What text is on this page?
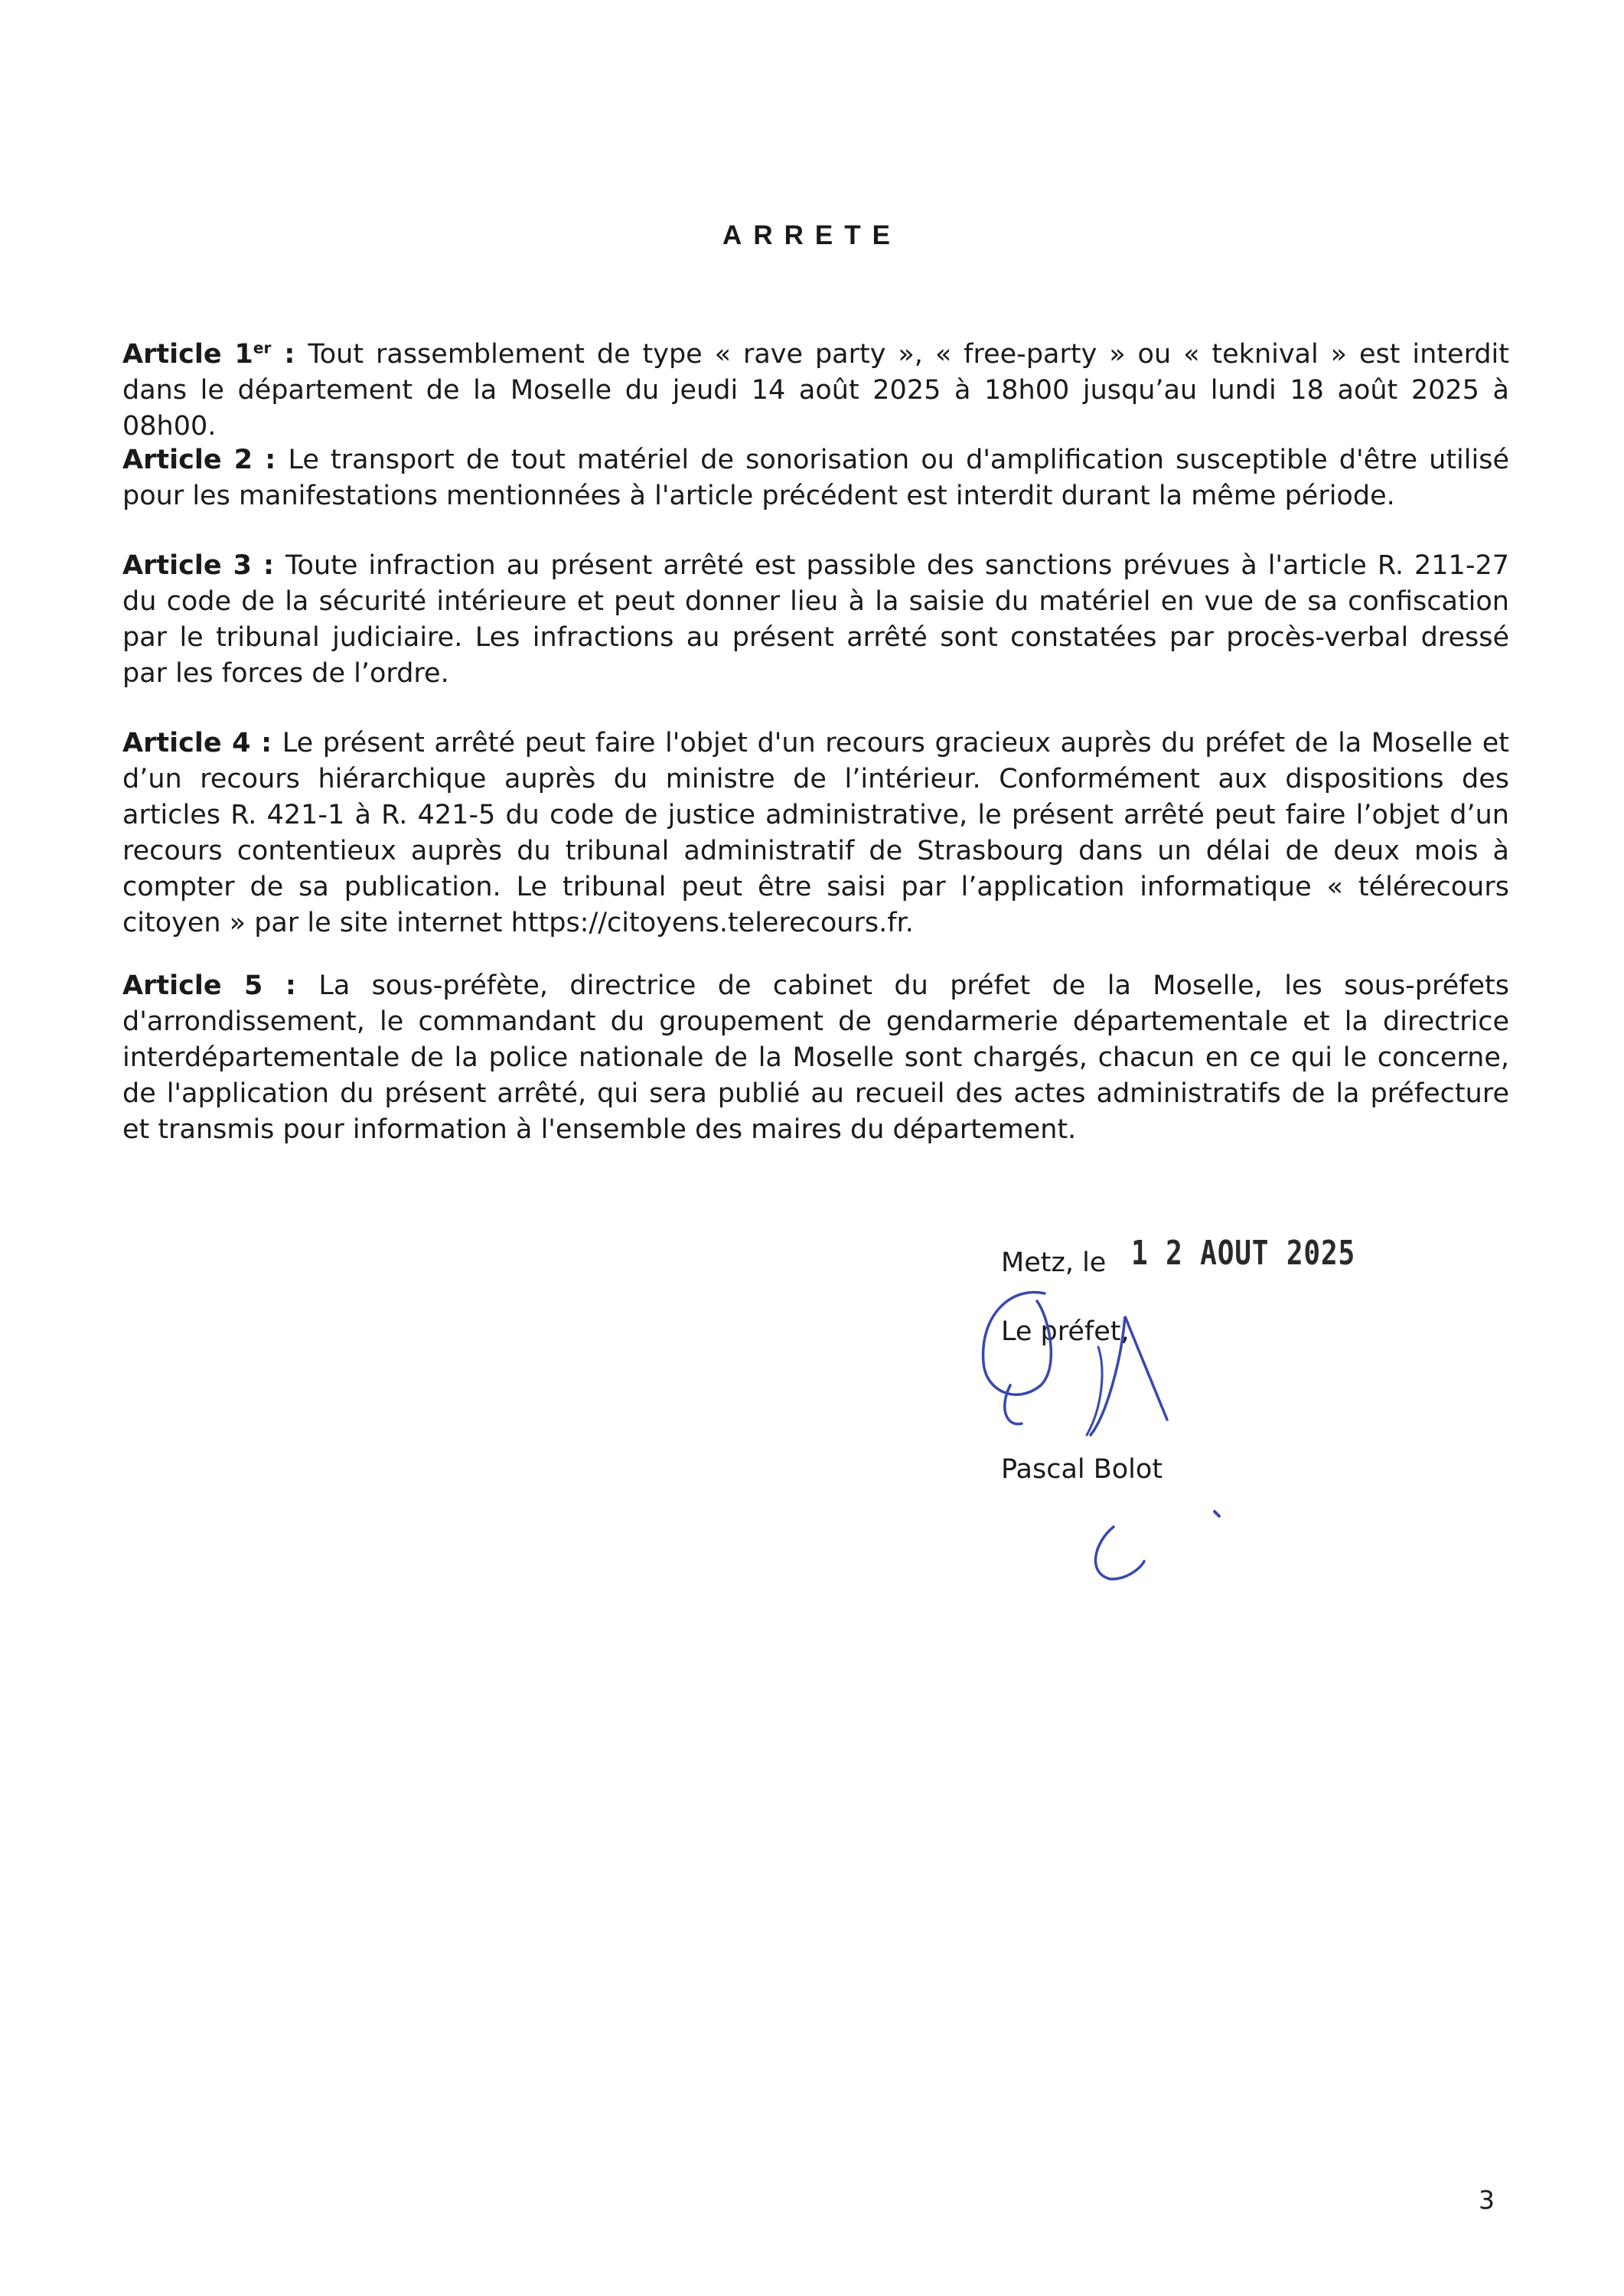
ARRETE

Article 1er : Tout rassemblement de type « rave party », « free-party » ou « teknival » est interdit dans le département de la Moselle du jeudi 14 août 2025 à 18h00 jusqu’au lundi 18 août 2025 à 08h00.

Article 2 : Le transport de tout matériel de sonorisation ou d'amplification susceptible d'être utilisé pour les manifestations mentionnées à l'article précédent est interdit durant la même période.

Article 3 : Toute infraction au présent arrêté est passible des sanctions prévues à l'article R. 211-27 du code de la sécurité intérieure et peut donner lieu à la saisie du matériel en vue de sa confiscation par le tribunal judiciaire. Les infractions au présent arrêté sont constatées par procès-verbal dressé par les forces de l’ordre.

Article 4 : Le présent arrêté peut faire l'objet d'un recours gracieux auprès du préfet de la Moselle et d’un recours hiérarchique auprès du ministre de l’intérieur. Conformément aux dispositions des articles R. 421-1 à R. 421-5 du code de justice administrative, le présent arrêté peut faire l’objet d’un recours contentieux auprès du tribunal administratif de Strasbourg dans un délai de deux mois à compter de sa publication. Le tribunal peut être saisi par l’application informatique « télérecours citoyen » par le site internet https://citoyens.telerecours.fr.

Article 5 : La sous-préfète, directrice de cabinet du préfet de la Moselle, les sous-préfets d'arrondissement, le commandant du groupement de gendarmerie départementale et la directrice interdépartementale de la police nationale de la Moselle sont chargés, chacun en ce qui le concerne, de l'application du présent arrêté, qui sera publié au recueil des actes administratifs de la préfecture et transmis pour information à l'ensemble des maires du département.

Metz, le 1 2 AOUT 2025
Le préfet,
Pascal Bolot
3
